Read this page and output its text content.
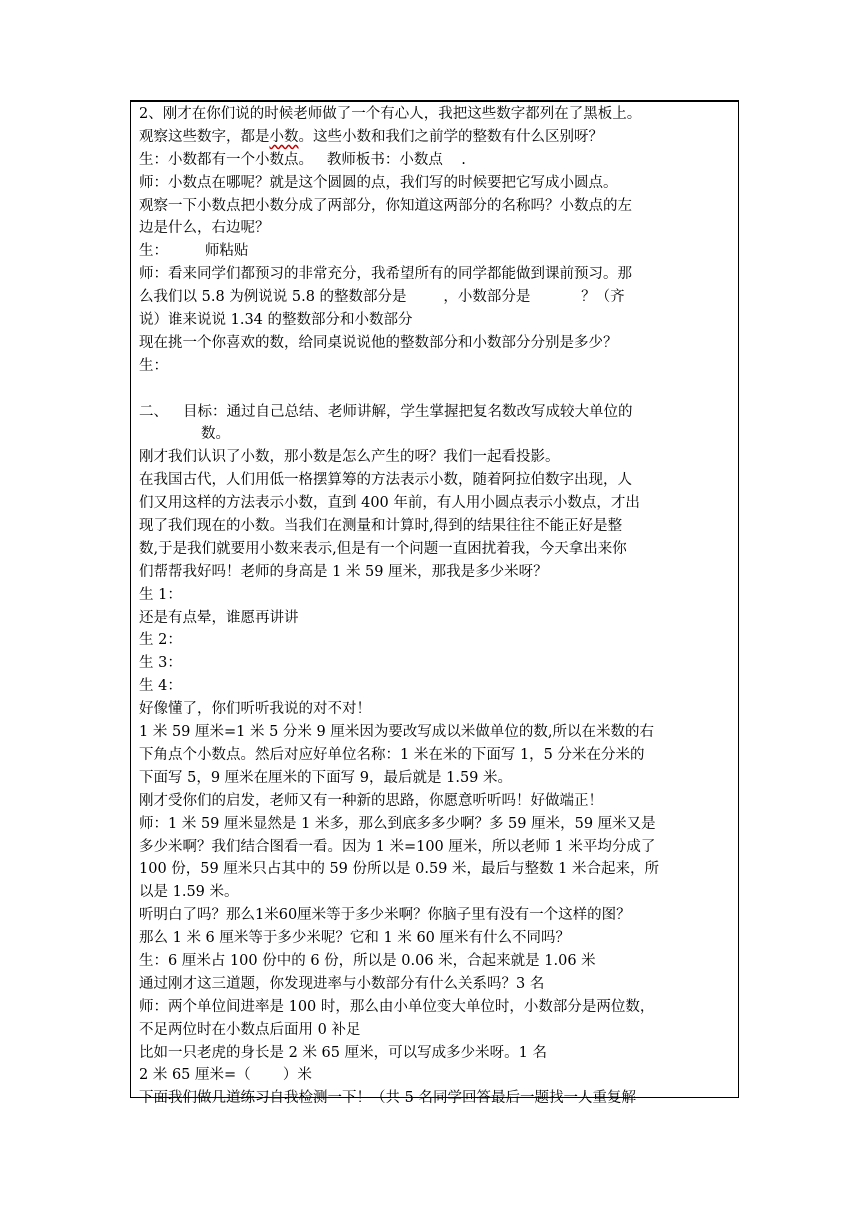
2、刚才在你们说的时候老师做了一个有心人，我把这些数字都列在了黑板上。
观察这些数字，都是小数。这些小数和我们之前学的整数有什么区别呀？
生：小数都有一个小数点。   教师板书：小数点    .
师：小数点在哪呢？就是这个圆圆的点，我们写的时候要把它写成小圆点。
观察一下小数点把小数分成了两部分，你知道这两部分的名称吗？小数点的左
边是什么，右边呢？
生：        师粘贴
师：看来同学们都预习的非常充分，我希望所有的同学都能做到课前预习。那
么我们以 5.8 为例说说 5.8 的整数部分是        ，小数部分是           ？（齐
说）谁来说说 1.34 的整数部分和小数部分
现在挑一个你喜欢的数，给同桌说说他的整数部分和小数部分分别是多少？
生：
二、 目标：通过自己总结、老师讲解，学生掌握把复名数改写成较大单位的
数。
刚才我们认识了小数，那小数是怎么产生的呀？我们一起看投影。
在我国古代，人们用低一格摆算筹的方法表示小数，随着阿拉伯数字出现，人
们又用这样的方法表示小数，直到 400 年前，有人用小圆点表示小数点，才出
现了我们现在的小数。当我们在测量和计算时,得到的结果往往不能正好是整
数,于是我们就要用小数来表示,但是有一个问题一直困扰着我，今天拿出来你
们帮帮我好吗！老师的身高是 1 米 59 厘米，那我是多少米呀？
生 1：
还是有点晕，谁愿再讲讲
生 2：
生 3：
生 4：
好像懂了，你们听听我说的对不对！
1 米 59 厘米=1 米 5 分米 9 厘米因为要改写成以米做单位的数,所以在米数的右
下角点个小数点。然后对应好单位名称：1 米在米的下面写 1，5 分米在分米的
下面写 5，9 厘米在厘米的下面写 9，最后就是 1.59 米。
刚才受你们的启发，老师又有一种新的思路，你愿意听听吗！好做端正！
师：1 米 59 厘米显然是 1 米多，那么到底多多少啊？多 59 厘米，59 厘米又是
多少米啊？我们结合图看一看。因为 1 米=100 厘米，所以老师 1 米平均分成了
100 份，59 厘米只占其中的 59 份所以是 0.59 米，最后与整数 1 米合起来，所
以是 1.59 米。
听明白了吗？那么1米60厘米等于多少米啊？你脑子里有没有一个这样的图？
那么 1 米 6 厘米等于多少米呢？它和 1 米 60 厘米有什么不同吗？
生：6 厘米占 100 份中的 6 份，所以是 0.06 米，合起来就是 1.06 米
通过刚才这三道题，你发现进率与小数部分有什么关系吗？3 名
师：两个单位间进率是 100 时，那么由小单位变大单位时，小数部分是两位数，
不足两位时在小数点后面用 0 补足
比如一只老虎的身长是 2 米 65 厘米，可以写成多少米呀。1 名
2 米 65 厘米=（       ）米
下面我们做几道练习自我检测一下！（共 5 名同学回答最后一题找一人重复解
